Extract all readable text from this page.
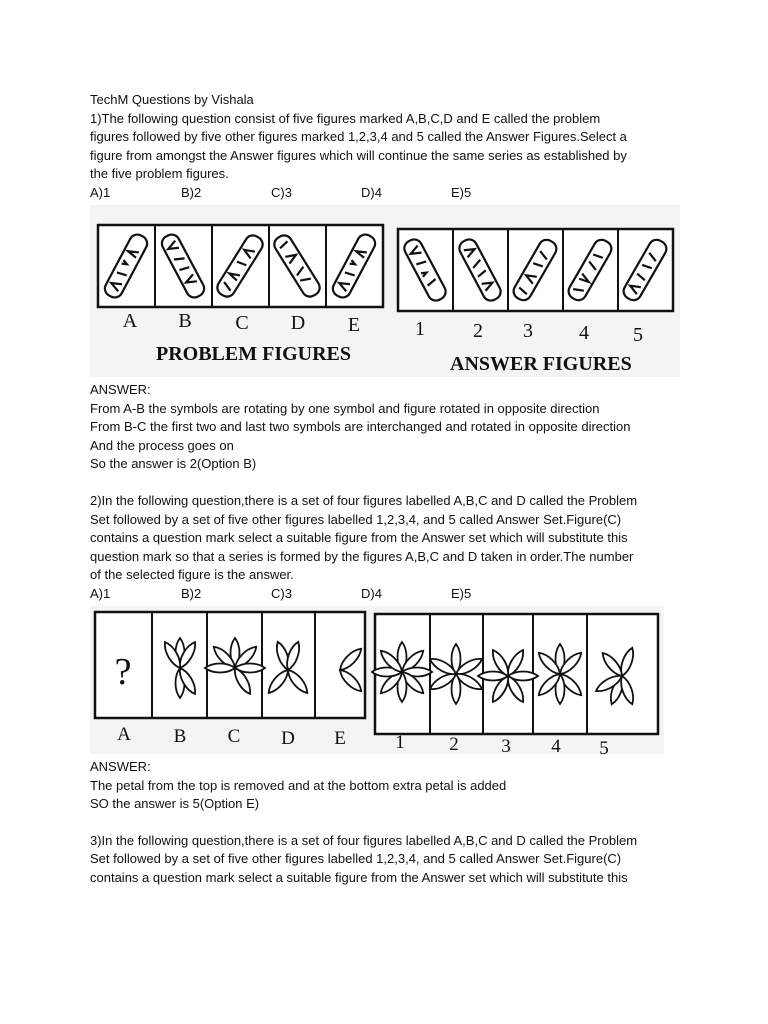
TechM Questions by Vishala

1)The following question consist of five figures marked A,B,C,D and E called the problem

figures followed by five other figures marked 1,2,3,4 and 5 called the Answer Figures.Select a

figure from amongst the Answer figures which will continue the same series as established by

the five problem figures.

A)1	B)2	C)3	D)4	E)5
A B C D E	1 2 3 4 5
PROBLEM FIGURES	ANSWER FIGURES

ANSWER:

From A-B the symbols are rotating by one symbol and figure rotated in opposite direction

From B-C the first two and last two symbols are interchanged and rotated in opposite direction

And the process goes on

So the answer is 2(Option B)

2)In the following question,there is a set of four figures labelled A,B,C and D called the Problem

Set followed by a set of five other figures labelled 1,2,3,4, and 5 called Answer Set.Figure(C)

contains a question mark select a suitable figure from the Answer set which will substitute this

question mark so that a series is formed by the figures A,B,C and D taken in order.The number

of the selected figure is the answer.

A)1	B)2	C)3	D)4	E)5
?
A B C D E	1 2 3 4 5

ANSWER:

The petal from the top is removed and at the bottom extra petal is added

SO the answer is 5(Option E)

3)In the following question,there is a set of four figures labelled A,B,C and D called the Problem

Set followed by a set of five other figures labelled 1,2,3,4, and 5 called Answer Set.Figure(C)

contains a question mark select a suitable figure from the Answer set which will substitute this
